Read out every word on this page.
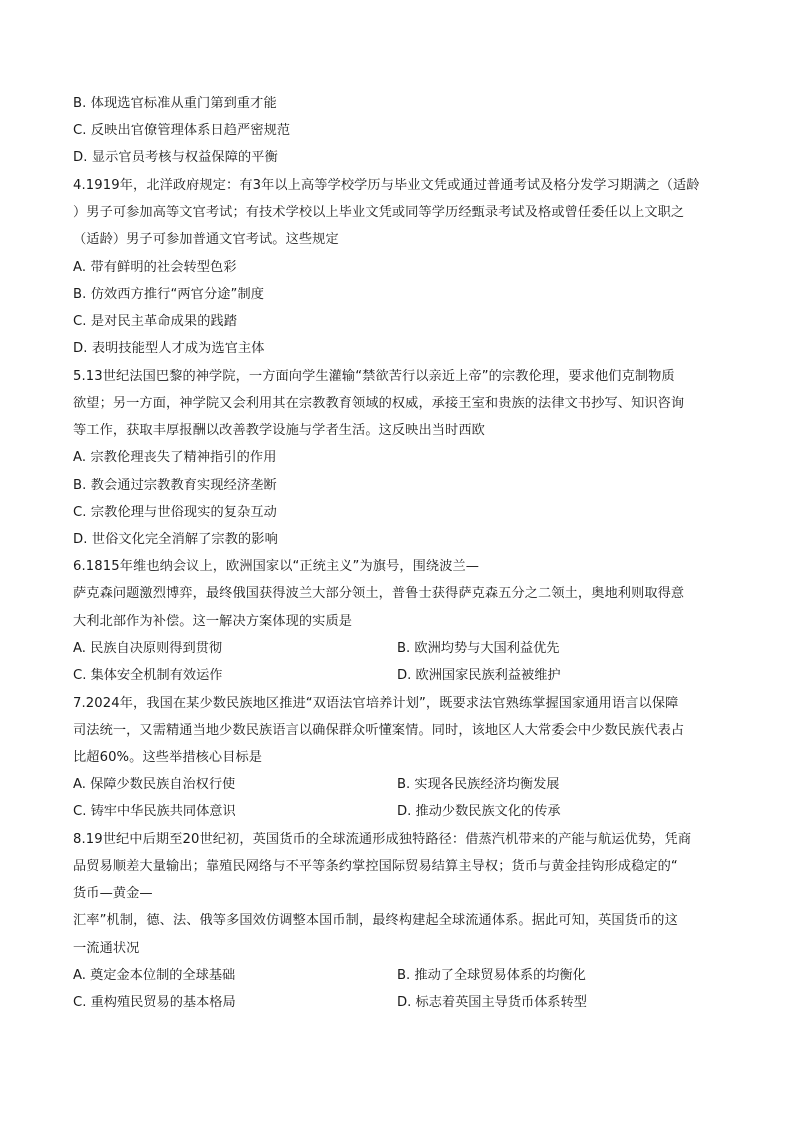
B. 体现选官标准从重门第到重才能
C. 反映出官僚管理体系日趋严密规范
D. 显示官员考核与权益保障的平衡
4.1919年，北洋政府规定：有3年以上高等学校学历与毕业文凭或通过普通考试及格分发学习期满之（适龄
）男子可参加高等文官考试；有技术学校以上毕业文凭或同等学历经甄录考试及格或曾任委任以上文职之
（适龄）男子可参加普通文官考试。这些规定
A. 带有鲜明的社会转型色彩
B. 仿效西方推行“两官分途”制度
C. 是对民主革命成果的践踏
D. 表明技能型人才成为选官主体
5.13世纪法国巴黎的神学院，一方面向学生灌输“禁欲苦行以亲近上帝”的宗教伦理，要求他们克制物质
欲望；另一方面，神学院又会利用其在宗教教育领域的权威，承接王室和贵族的法律文书抄写、知识咨询
等工作，获取丰厚报酬以改善教学设施与学者生活。这反映出当时西欧
A. 宗教伦理丧失了精神指引的作用
B. 教会通过宗教教育实现经济垄断
C. 宗教伦理与世俗现实的复杂互动
D. 世俗文化完全消解了宗教的影响
6.1815年维也纳会议上，欧洲国家以“正统主义”为旗号，围绕波兰—
萨克森问题激烈博弈，最终俄国获得波兰大部分领土，普鲁士获得萨克森五分之二领土，奥地利则取得意
大利北部作为补偿。这一解决方案体现的实质是
A. 民族自决原则得到贯彻	B. 欧洲均势与大国利益优先
C. 集体安全机制有效运作	D. 欧洲国家民族利益被维护
7.2024年，我国在某少数民族地区推进“双语法官培养计划”，既要求法官熟练掌握国家通用语言以保障
司法统一，又需精通当地少数民族语言以确保群众听懂案情。同时，该地区人大常委会中少数民族代表占
比超60%。这些举措核心目标是
A. 保障少数民族自治权行使	B. 实现各民族经济均衡发展
C. 铸牢中华民族共同体意识	D. 推动少数民族文化的传承
8.19世纪中后期至20世纪初，英国货币的全球流通形成独特路径：借蒸汽机带来的产能与航运优势，凭商
品贸易顺差大量输出；靠殖民网络与不平等条约掌控国际贸易结算主导权；货币与黄金挂钩形成稳定的“
货币—黄金—
汇率”机制，德、法、俄等多国效仿调整本国币制，最终构建起全球流通体系。据此可知，英国货币的这
一流通状况
A. 奠定金本位制的全球基础	B. 推动了全球贸易体系的均衡化
C. 重构殖民贸易的基本格局	D. 标志着英国主导货币体系转型
